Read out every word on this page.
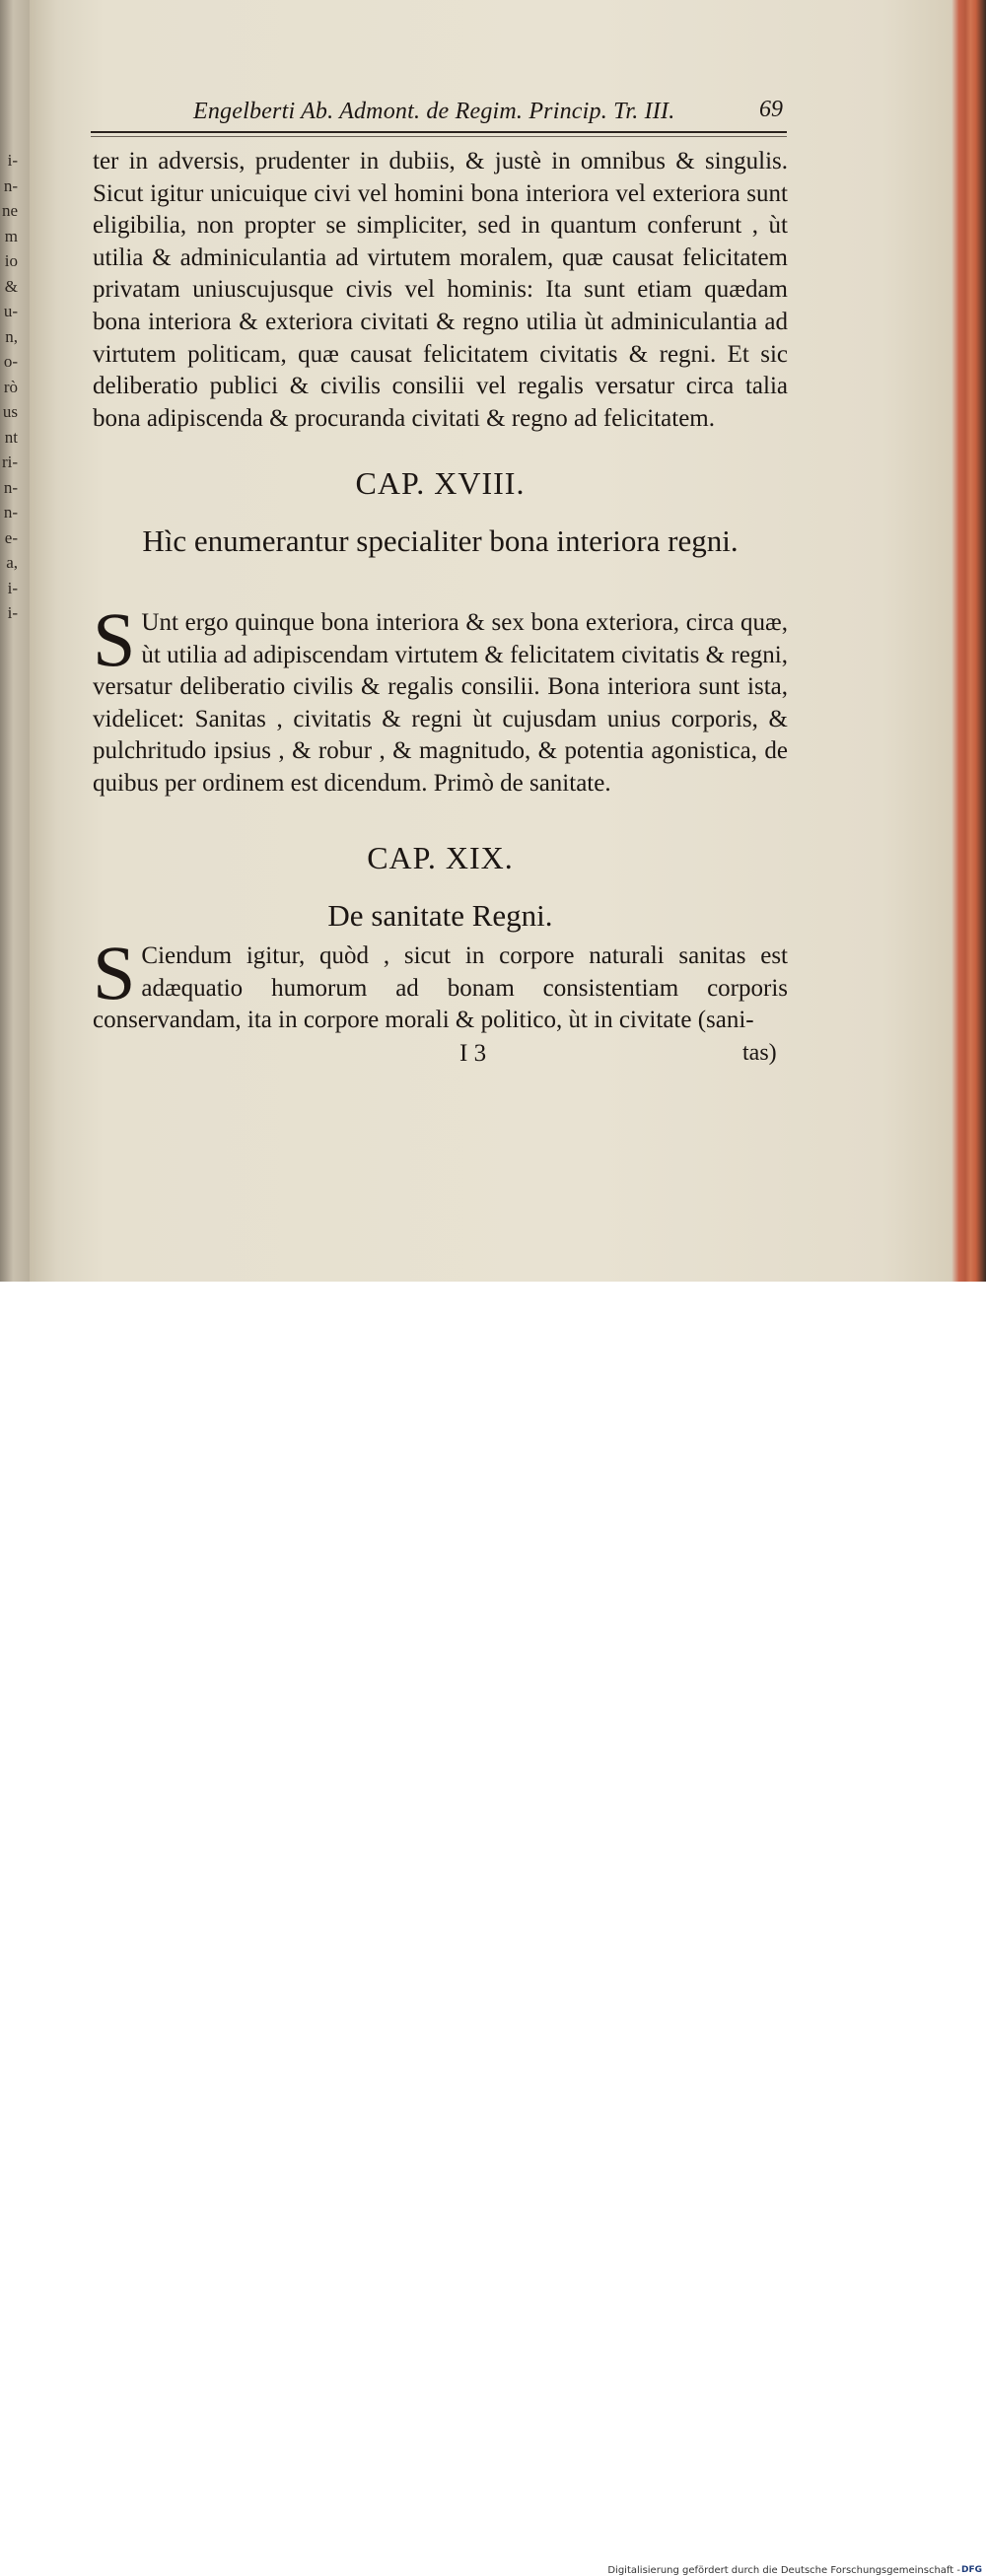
i-
n-
ne
m
io
&
u-
n,
o-
rò
us
nt
ri-
n-
n-
e-
a,
i-
i-
Engelberti Ab. Admont. de Regim. Princip. Tr. III.	69
ter in adversis, prudenter in dubiis, & justè in omnibus & singulis. Sicut igitur unicuique civi vel homini bona interiora vel exteriora sunt eligibilia, non propter se simpliciter, sed in quantum conferunt , ùt utilia & adminiculantia ad virtutem moralem, quæ causat felicitatem privatam uniuscujusque civis vel hominis: Ita sunt etiam quædam bona interiora & exteriora civitati & regno utilia ùt adminiculantia ad virtutem politicam, quæ causat felicitatem civitatis & regni. Et sic deliberatio publici & civilis consilii vel regalis versatur circa talia bona adipiscenda & procuranda civitati & regno ad felicitatem.
CAP. XVIII.
Hìc enumerantur specialiter bona interiora regni.
S Unt ergo quinque bona interiora & sex bona exteriora, circa quæ, ùt utilia ad adipiscendam virtutem & felicitatem civitatis & regni, versatur deliberatio civilis & regalis consilii. Bona interiora sunt ista, videlicet: Sanitas , civitatis & regni ùt cujusdam unius corporis, & pulchritudo ipsius , & robur , & magnitudo, & potentia agonistica, de quibus per ordinem est dicendum. Primò de sanitate.
CAP. XIX.
De sanitate Regni.
S Ciendum igitur, quòd , sicut in corpore naturali sanitas est adæquatio humorum ad bonam consistentiam corporis conservandam, ita in corpore morali & politico, ùt in civitate (sani-
I 3	tas)
Digitalisierung gefördert durch die Deutsche Forschungsgemeinschaft - DFG
